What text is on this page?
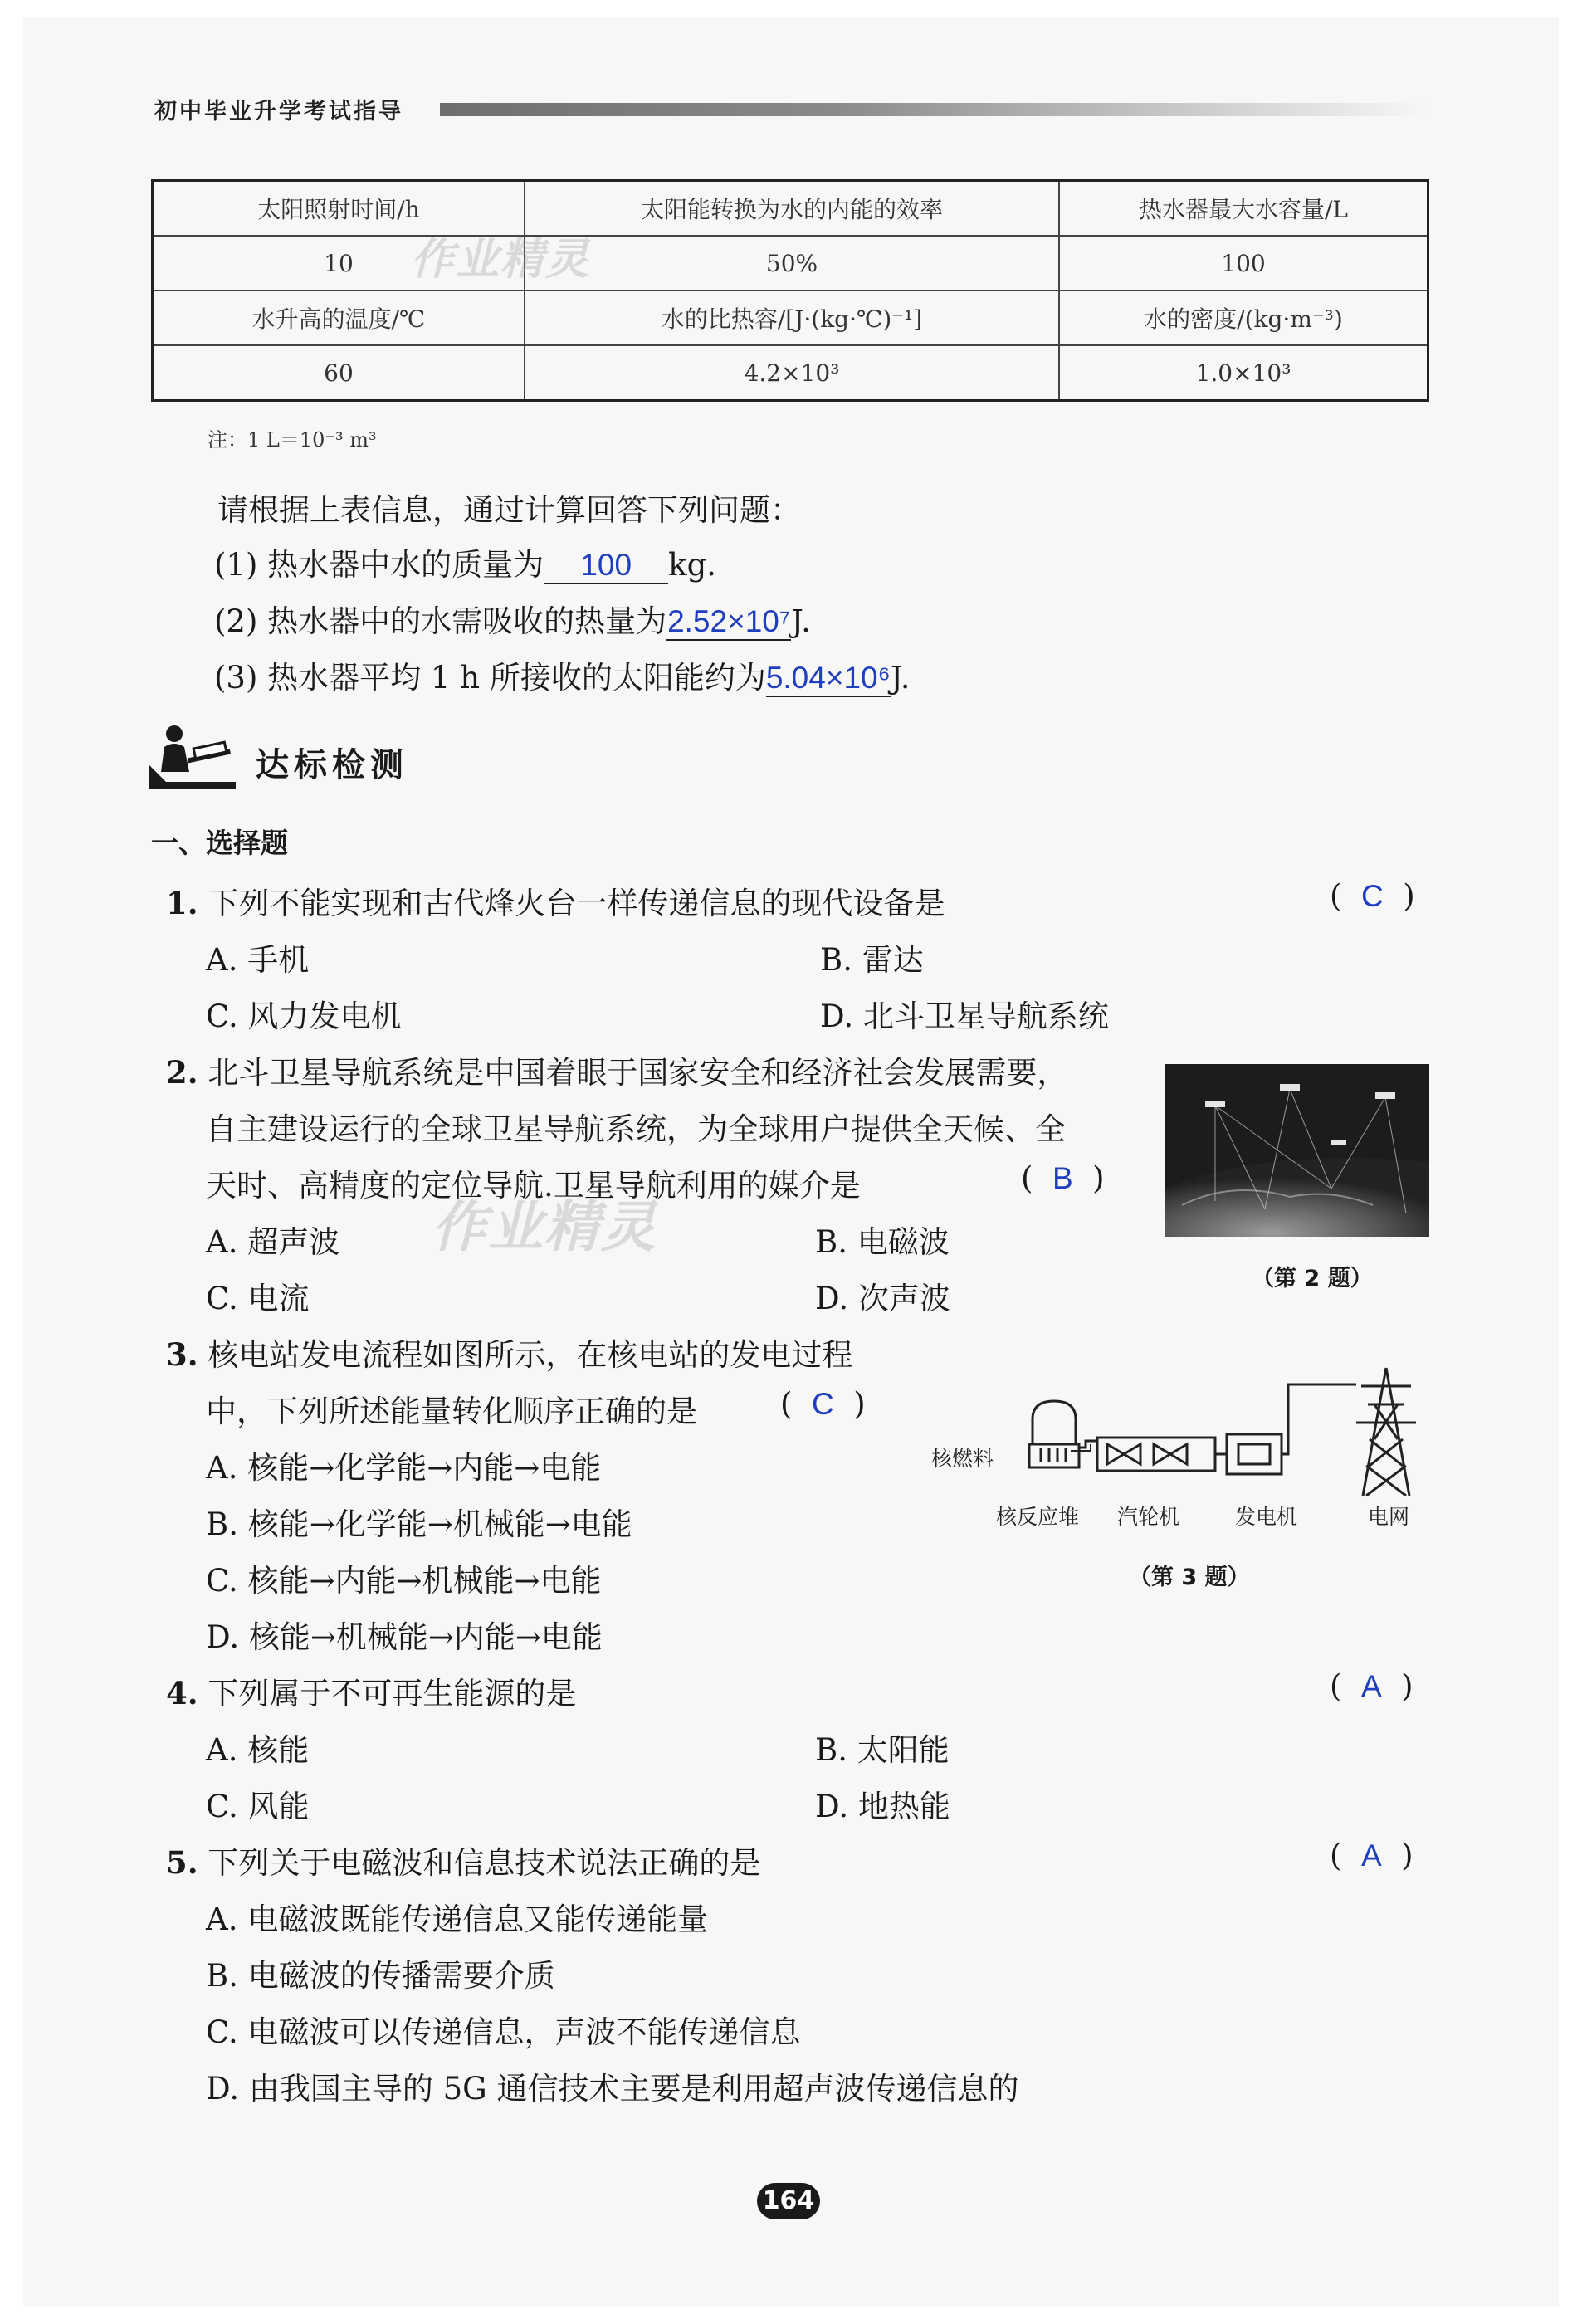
初中毕业升学考试指导
太阳照射时间/h	太阳能转换为水的内能的效率	热水器最大水容量/L
10	50%	100
水升高的温度/℃	水的比热容/[J·(kg·℃)⁻¹]	水的密度/(kg·m⁻³)
60	4.2×10³	1.0×10³
作业精灵
注：1 L＝10⁻³ m³
请根据上表信息，通过计算回答下列问题：
(1) 热水器中水的质量为 100 kg.
(2) 热水器中的水需吸收的热量为2.52×10⁷J.
(3) 热水器平均 1 h 所接收的太阳能约为5.04×10⁶J.
达标检测
一、选择题
1. 下列不能实现和古代烽火台一样传递信息的现代设备是	(  C  )
A. 手机	B. 雷达
C. 风力发电机	D. 北斗卫星导航系统
2. 北斗卫星导航系统是中国着眼于国家安全和经济社会发展需要，
自主建设运行的全球卫星导航系统，为全球用户提供全天候、全
天时、高精度的定位导航.卫星导航利用的媒介是	(  B  )
A. 超声波	B. 电磁波
C. 电流	D. 次声波
作业精灵
（第 2 题）
3. 核电站发电流程如图所示，在核电站的发电过程
中，下列所述能量转化顺序正确的是	(  C  )
A. 核能→化学能→内能→电能
B. 核能→化学能→机械能→电能
C. 核能→内能→机械能→电能
D. 核能→机械能→内能→电能
核燃料
核反应堆 汽轮机	发电机	电网
（第 3 题）
4. 下列属于不可再生能源的是	(  A  )
A. 核能	B. 太阳能
C. 风能	D. 地热能
5. 下列关于电磁波和信息技术说法正确的是	(  A  )
A. 电磁波既能传递信息又能传递能量
B. 电磁波的传播需要介质
C. 电磁波可以传递信息，声波不能传递信息
D. 由我国主导的 5G 通信技术主要是利用超声波传递信息的
164
